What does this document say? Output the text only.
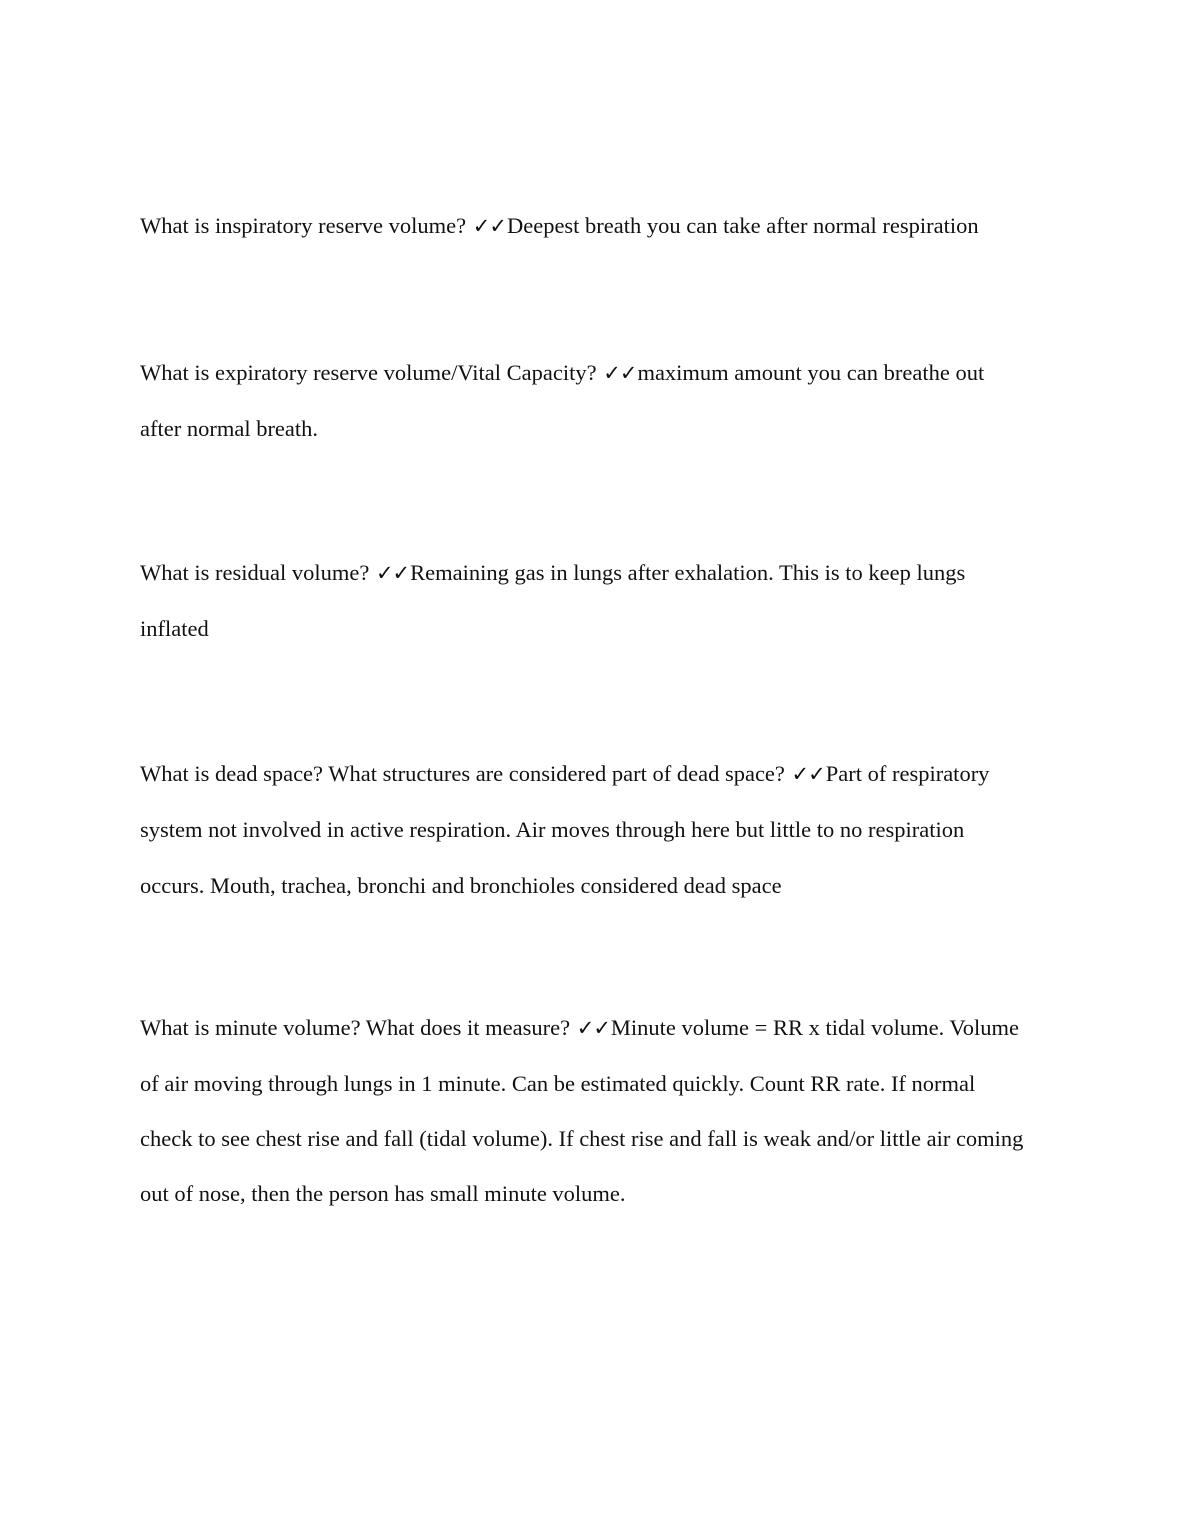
What is inspiratory reserve volume? ✓✓Deepest breath you can take after normal respiration

What is expiratory reserve volume/Vital Capacity? ✓✓maximum amount you can breathe out after normal breath.

What is residual volume? ✓✓Remaining gas in lungs after exhalation. This is to keep lungs inflated

What is dead space? What structures are considered part of dead space? ✓✓Part of respiratory system not involved in active respiration. Air moves through here but little to no respiration occurs. Mouth, trachea, bronchi and bronchioles considered dead space

What is minute volume? What does it measure? ✓✓Minute volume = RR x tidal volume. Volume of air moving through lungs in 1 minute. Can be estimated quickly. Count RR rate. If normal check to see chest rise and fall (tidal volume). If chest rise and fall is weak and/or little air coming out of nose, then the person has small minute volume.
